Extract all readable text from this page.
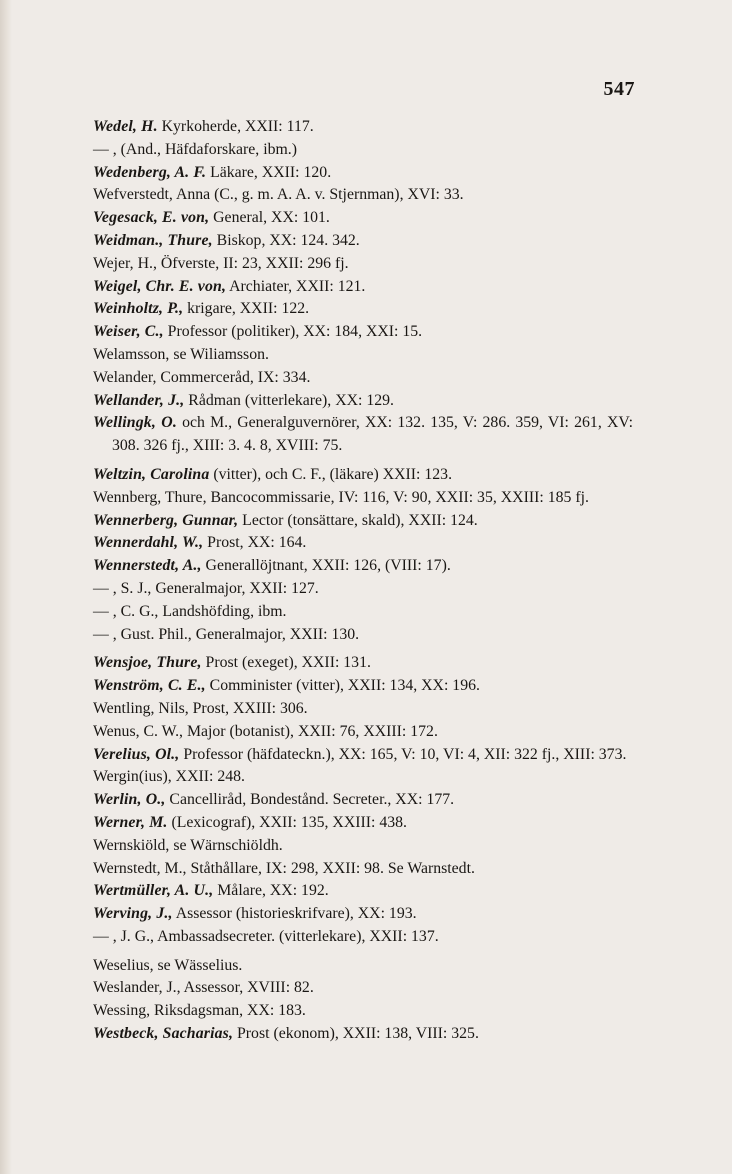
547
Wedel, H. Kyrkoherde, XXII: 117.
— , (And., Häfdaforskare, ibm.)
Wedenberg, A. F. Läkare, XXII: 120.
Wefverstedt, Anna (C., g. m. A. A. v. Stjernman), XVI: 33.
Vegesack, E. von, General, XX: 101.
Weidman., Thure, Biskop, XX: 124. 342.
Wejer, H., Öfverste, II: 23, XXII: 296 fj.
Weigel, Chr. E. von, Archiater, XXII: 121.
Weinholtz, P., krigare, XXII: 122.
Weiser, C., Professor (politiker), XX: 184, XXI: 15.
Welamsson, se Wiliamsson.
Welander, Commerceråd, IX: 334.
Wellander, J., Rådman (vitterlekare), XX: 129.
Wellingk, O. och M., Generalguvernörer, XX: 132. 135, V: 286. 359, VI: 261, XV: 308. 326 fj., XIII: 3. 4. 8, XVIII: 75.
Weltzin, Carolina (vitter), och C. F., (läkare) XXII: 123.
Wennberg, Thure, Bancocommissarie, IV: 116, V: 90, XXII: 35, XXIII: 185 fj.
Wennerberg, Gunnar, Lector (tonsättare, skald), XXII: 124.
Wennerdahl, W., Prost, XX: 164.
Wennerstedt, A., Generallöjtnant, XXII: 126, (VIII: 17).
— , S. J., Generalmajor, XXII: 127.
— , C. G., Landshöfding, ibm.
— , Gust. Phil., Generalmajor, XXII: 130.
Wensjoe, Thure, Prost (exeget), XXII: 131.
Wenström, C. E., Comminister (vitter), XXII: 134, XX: 196.
Wentling, Nils, Prost, XXIII: 306.
Wenus, C. W., Major (botanist), XXII: 76, XXIII: 172.
Verelius, Ol., Professor (häfdateckn.), XX: 165, V: 10, VI: 4, XII: 322 fj., XIII: 373.
Wergin(ius), XXII: 248.
Werlin, O., Cancelliråd, Bondestånd. Secreter., XX: 177.
Werner, M. (Lexicograf), XXII: 135, XXIII: 438.
Wernskiöld, se Wärnschiöldh.
Wernstedt, M., Ståthållare, IX: 298, XXII: 98. Se Warnstedt.
Wertmüller, A. U., Målare, XX: 192.
Werving, J., Assessor (historieskrifvare), XX: 193.
— , J. G., Ambassadsecreter. (vitterlekare), XXII: 137.
Weselius, se Wässelius.
Weslander, J., Assessor, XVIII: 82.
Wessing, Riksdagsman, XX: 183.
Westbeck, Sacharias, Prost (ekonom), XXII: 138, VIII: 325.
